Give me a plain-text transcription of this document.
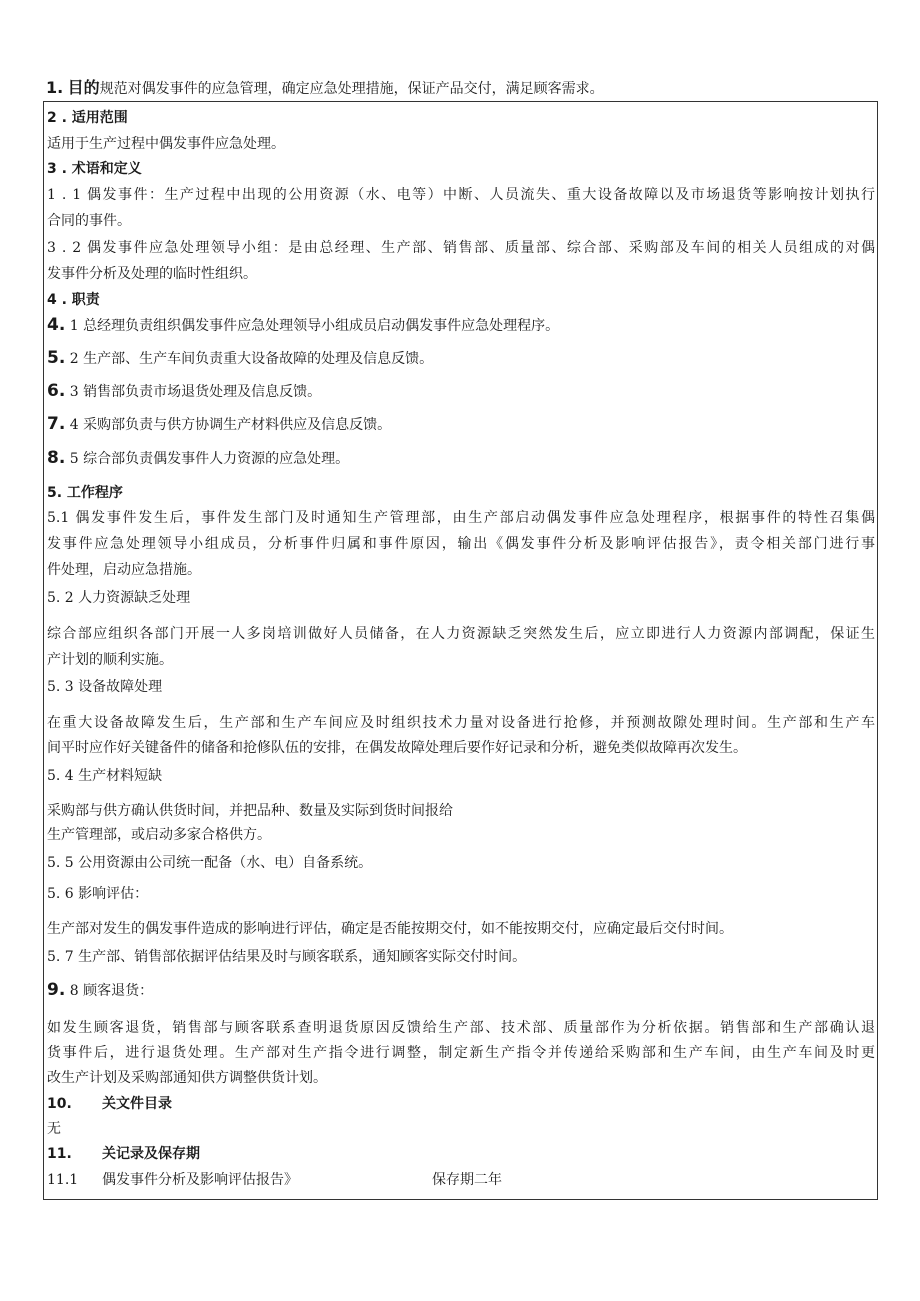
1. 目的规范对偶发事件的应急管理，确定应急处理措施，保证产品交付，满足顾客需求。
2 . 适用范围
适用于生产过程中偶发事件应急处理。
3 . 术语和定义
1 . 1 偶发事件：生产过程中出现的公用资源（水、电等）中断、人员流失、重大设备故障以及市场退货等影响按计划执行
合同的事件。
3 . 2 偶发事件应急处理领导小组：是由总经理、生产部、销售部、质量部、综合部、采购部及车间的相关人员组成的对偶
发事件分析及处理的临时性组织。
4 . 职责
4. 1 总经理负责组织偶发事件应急处理领导小组成员启动偶发事件应急处理程序。
5. 2 生产部、生产车间负责重大设备故障的处理及信息反馈。
6. 3 销售部负责市场退货处理及信息反馈。
7. 4 采购部负责与供方协调生产材料供应及信息反馈。
8. 5 综合部负责偶发事件人力资源的应急处理。
5. 工作程序
5.1 偶发事件发生后，事件发生部门及时通知生产管理部，由生产部启动偶发事件应急处理程序，根据事件的特性召集偶
发事件应急处理领导小组成员，分析事件归属和事件原因，输出《偶发事件分析及影响评估报告》，责令相关部门进行事
件处理，启动应急措施。
5. 2 人力资源缺乏处理
综合部应组织各部门开展一人多岗培训做好人员储备，在人力资源缺乏突然发生后，应立即进行人力资源内部调配，保证生
产计划的顺利实施。
5. 3 设备故障处理
在重大设备故障发生后，生产部和生产车间应及时组织技术力量对设备进行抢修，并预测故隙处理时间。生产部和生产车
间平时应作好关键备件的储备和抢修队伍的安排，在偶发故障处理后要作好记录和分析，避免类似故障再次发生。
5. 4 生产材料短缺
采购部与供方确认供货时间，并把品种、数量及实际到货时间报给
生产管理部，或启动多家合格供方。
5. 5 公用资源由公司统一配备（水、电）自备系统。
5. 6 影响评估：
生产部对发生的偶发事件造成的影响进行评估，确定是否能按期交付，如不能按期交付，应确定最后交付时间。
5. 7 生产部、销售部依据评估结果及时与顾客联系，通知顾客实际交付时间。
9. 8 顾客退货：
如发生顾客退货，销售部与顾客联系查明退货原因反馈给生产部、技术部、质量部作为分析依据。销售部和生产部确认退
货事件后，进行退货处理。生产部对生产指令进行调整，制定新生产指令并传递给采购部和生产车间，由生产车间及时更
改生产计划及采购部通知供方调整供货计划。
10. 关文件目录
无
11. 关记录及保存期
11.1 偶发事件分析及影响评估报告》	保存期二年
